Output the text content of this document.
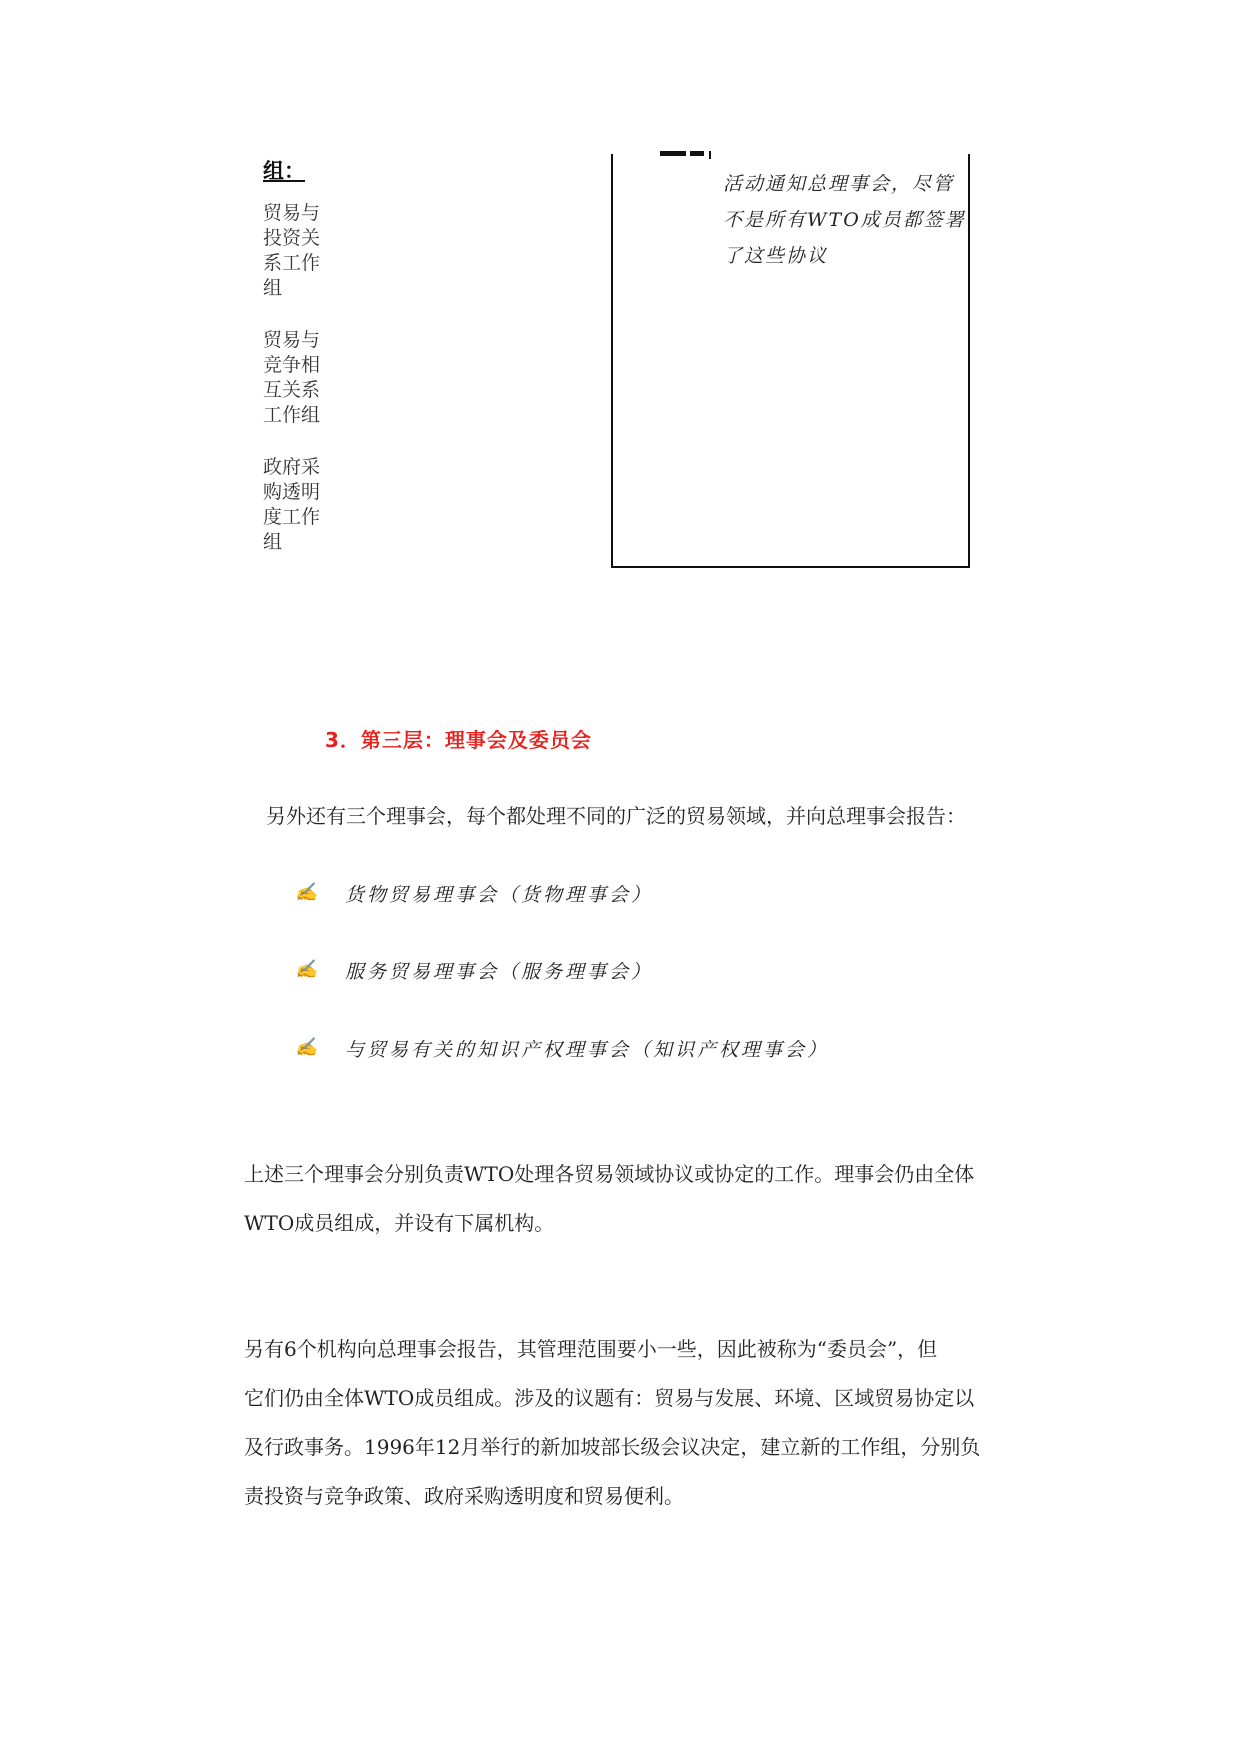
组：
贸易与
投资关
系工作
组
贸易与
竞争相
互关系
工作组
政府采
购透明
度工作
组
活动通知总理事会，尽管
不是所有WTO成员都签署
了这些协议
3．第三层：理事会及委员会
另外还有三个理事会，每个都处理不同的广泛的贸易领域，并向总理事会报告：
✍ 货物贸易理事会（货物理事会）
✍ 服务贸易理事会（服务理事会）
✍ 与贸易有关的知识产权理事会（知识产权理事会）
上述三个理事会分别负责WTO处理各贸易领域协议或协定的工作。理事会仍由全体
WTO成员组成，并设有下属机构。
另有6个机构向总理事会报告，其管理范围要小一些，因此被称为“委员会”，但
它们仍由全体WTO成员组成。涉及的议题有：贸易与发展、环境、区域贸易协定以
及行政事务。1996年12月举行的新加坡部长级会议决定，建立新的工作组，分别负
责投资与竞争政策、政府采购透明度和贸易便利。
